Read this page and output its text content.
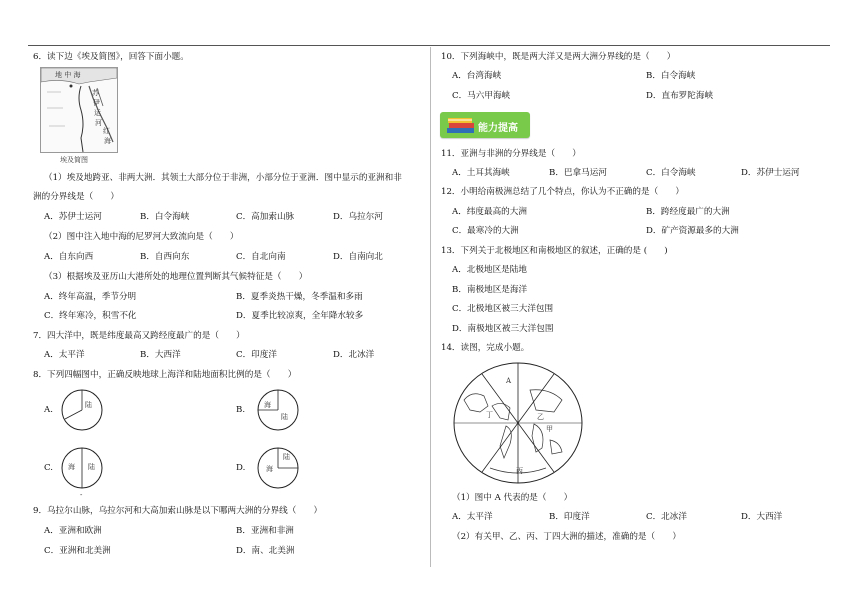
6．读下边《埃及简图》，回答下面小题。
地 中 海
苏
伊
运
河
红
海
埃及简图
（1）埃及地跨亚、非两大洲．其领土大部分位于非洲，小部分位于亚洲．图中显示的亚洲和非
洲的分界线是（　　）
A．苏伊士运河	B．白令海峡	C．高加索山脉	D．乌拉尔河
（2）图中注入地中海的尼罗河大致流向是（　　）
A．自东向西	B．自西向东	C．自北向南	D．自南向北
（3）根据埃及亚历山大港所处的地理位置判断其气候特征是（　　）
A．终年高温，季节分明	B．夏季炎热干燥，冬季温和多雨
C．终年寒冷，积雪不化	D．夏季比较凉爽，全年降水较多
7．四大洋中，既是纬度最高又跨经度最广的是（　　）
A．太平洋	B．大西洋	C．印度洋	D．北冰洋
8．下列四幅图中，正确反映地球上海洋和陆地面积比例的是（　　）
A.	陆	B.	海
陆
C. 海 陆
-
D.	海
陆
9．乌拉尔山脉，乌拉尔河和大高加索山脉是以下哪两大洲的分界线（　　）
A．亚洲和欧洲	B．亚洲和非洲
C．亚洲和北美洲	D．南、北美洲
10．下列海峡中，既是两大洋又是两大洲分界线的是（　　）
A．台湾海峡	B．白令海峡
C．马六甲海峡	D．直布罗陀海峡
能力提高
11．亚洲与非洲的分界线是（　　）
A．土耳其海峡	B．巴拿马运河	C．白令海峡	D．苏伊士运河
12．小明给南极洲总结了几个特点，你认为不正确的是（　　）
A．纬度最高的大洲	B．跨经度最广的大洲
C．最寒冷的大洲	D．矿产资源最多的大洲
13．下列关于北极地区和南极地区的叙述，正确的是 (　　)
A．北极地区是陆地
B．南极地区是海洋
C．北极地区被三大洋包围
D．南极地区被三大洋包围
14．读图，完成小题。
A
丁	乙
甲
丙
（1）图中 A 代表的是（　　）
A．太平洋	B．印度洋	C．北冰洋	D．大西洋
（2）有关甲、乙、丙、丁四大洲的描述，准确的是（　　）
